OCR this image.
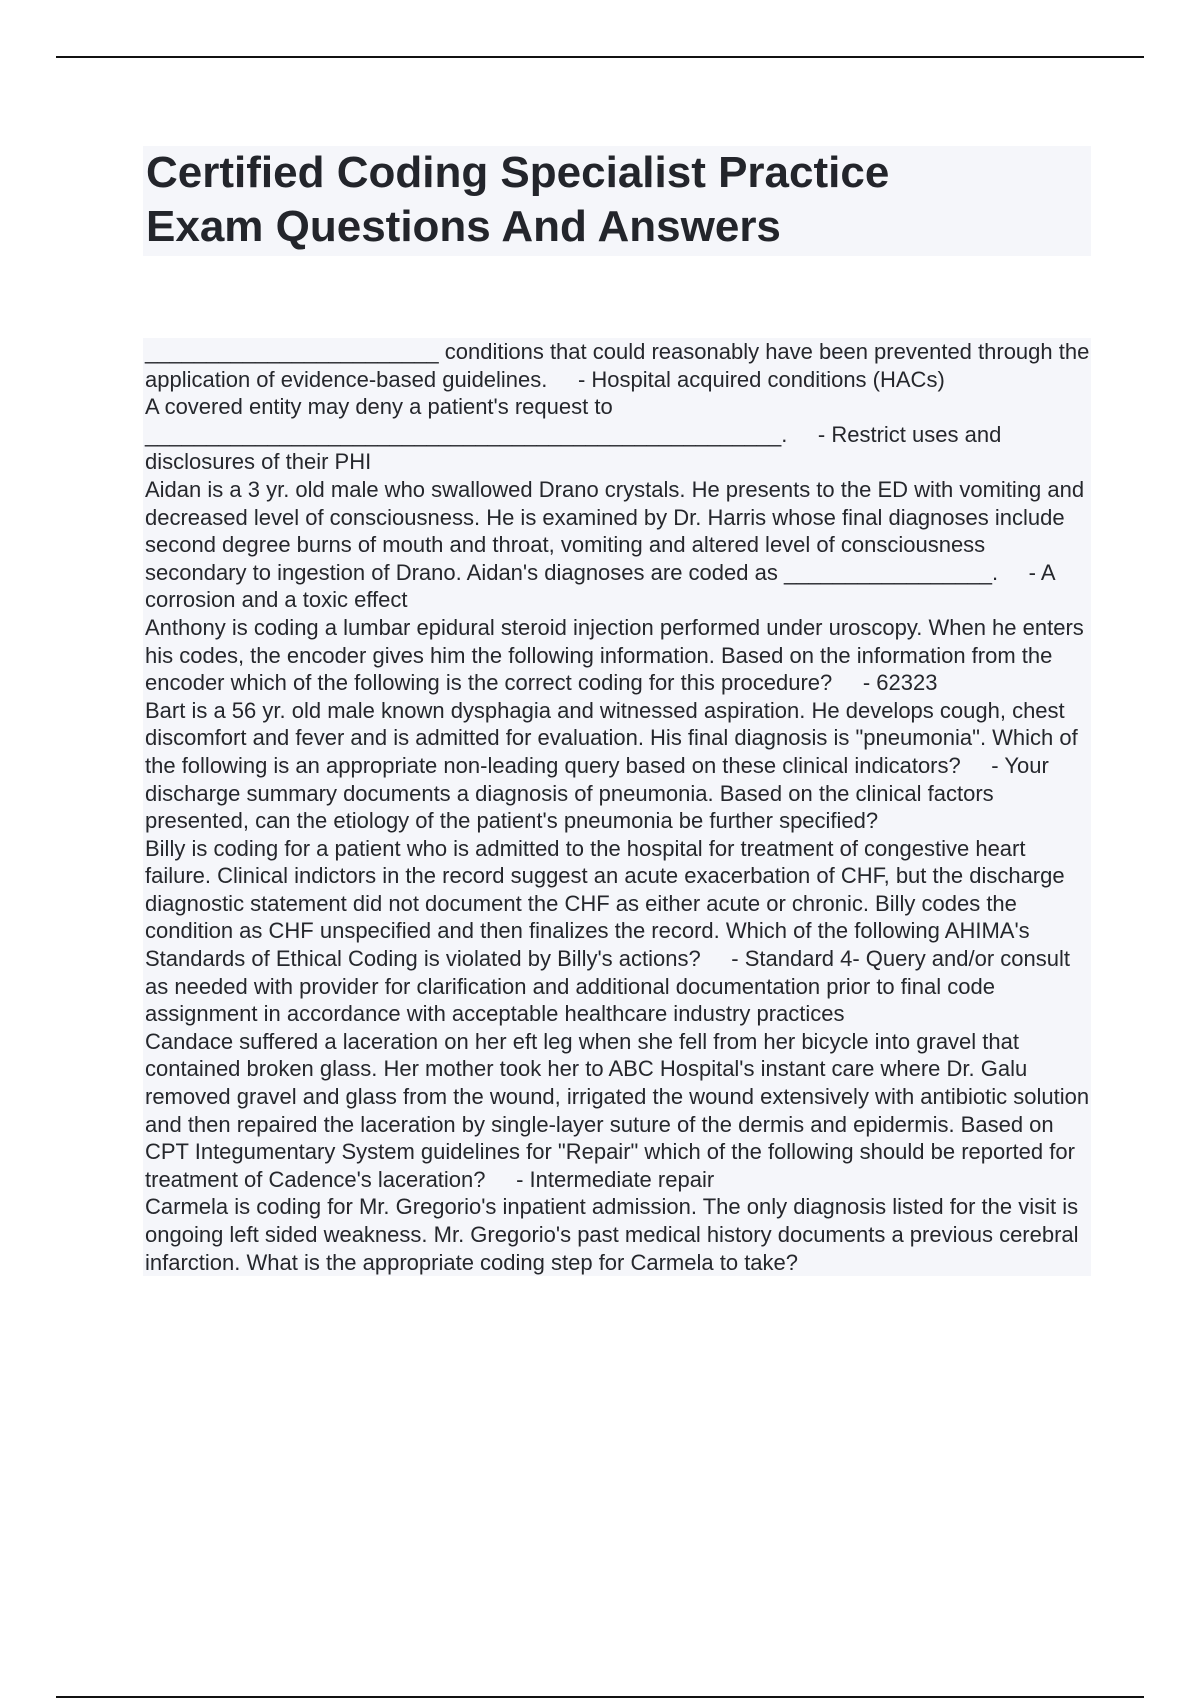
Certified Coding Specialist Practice
Exam Questions And Answers
________________________ conditions that could reasonably have been prevented through the application of evidence-based guidelines.     - Hospital acquired conditions (HACs)
A covered entity may deny a patient's request to ____________________________________________________.     - Restrict uses and disclosures of their PHI
Aidan is a 3 yr. old male who swallowed Drano crystals. He presents to the ED with vomiting and decreased level of consciousness. He is examined by Dr. Harris whose final diagnoses include second degree burns of mouth and throat, vomiting and altered level of consciousness secondary to ingestion of Drano. Aidan's diagnoses are coded as _________________.     - A corrosion and a toxic effect
Anthony is coding a lumbar epidural steroid injection performed under uroscopy. When he enters his codes, the encoder gives him the following information. Based on the information from the encoder which of the following is the correct coding for this procedure?     - 62323
Bart is a 56 yr. old male known dysphagia and witnessed aspiration. He develops cough, chest discomfort and fever and is admitted for evaluation. His final diagnosis is "pneumonia". Which of the following is an appropriate non-leading query based on these clinical indicators?     - Your discharge summary documents a diagnosis of pneumonia. Based on the clinical factors presented, can the etiology of the patient's pneumonia be further specified?
Billy is coding for a patient who is admitted to the hospital for treatment of congestive heart failure. Clinical indictors in the record suggest an acute exacerbation of CHF, but the discharge diagnostic statement did not document the CHF as either acute or chronic. Billy codes the condition as CHF unspecified and then finalizes the record. Which of the following AHIMA's Standards of Ethical Coding is violated by Billy's actions?     - Standard 4- Query and/or consult as needed with provider for clarification and additional documentation prior to final code assignment in accordance with acceptable healthcare industry practices
Candace suffered a laceration on her eft leg when she fell from her bicycle into gravel that contained broken glass. Her mother took her to ABC Hospital's instant care where Dr. Galu removed gravel and glass from the wound, irrigated the wound extensively with antibiotic solution and then repaired the laceration by single-layer suture of the dermis and epidermis. Based on CPT Integumentary System guidelines for "Repair" which of the following should be reported for treatment of Cadence's laceration?     - Intermediate repair
Carmela is coding for Mr. Gregorio's inpatient admission. The only diagnosis listed for the visit is ongoing left sided weakness. Mr. Gregorio's past medical history documents a previous cerebral infarction. What is the appropriate coding step for Carmela to take?
